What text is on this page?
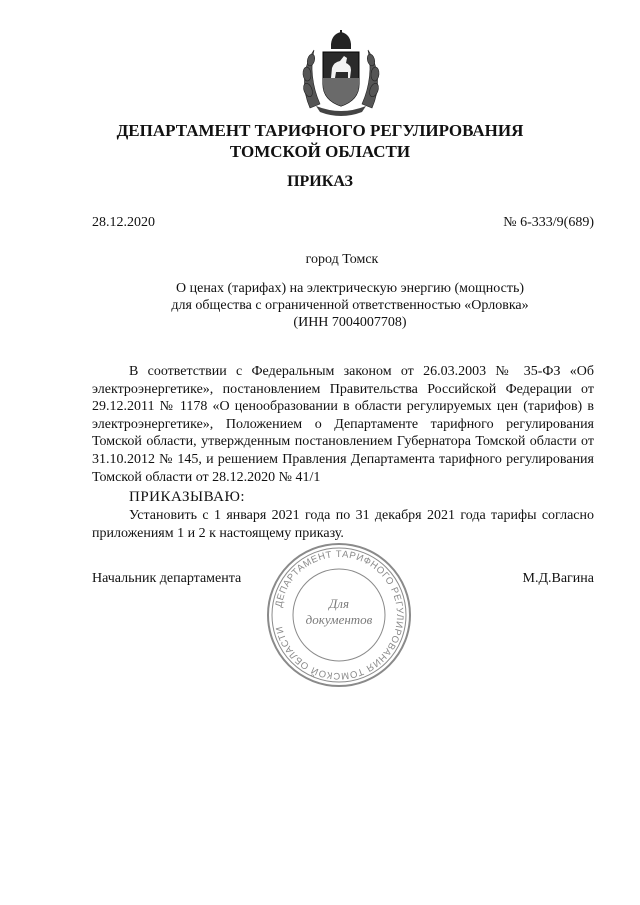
ДЕПАРТАМЕНТ ТАРИФНОГО РЕГУЛИРОВАНИЯ
ТОМСКОЙ ОБЛАСТИ
ПРИКАЗ
28.12.2020	№ 6-333/9(689)
город Томск
О ценах (тарифах) на электрическую энергию (мощность)
для общества с ограниченной ответственностью «Орловка»
(ИНН 7004007708)
В соответствии с Федеральным законом от 26.03.2003 № 35-ФЗ «Об электроэнергетике», постановлением Правительства Российской Федерации от 29.12.2011 № 1178 «О ценообразовании в области регулируемых цен (тарифов) в электроэнергетике», Положением о Департаменте тарифного регулирования Томской области, утвержденным постановлением Губернатора Томской области от 31.10.2012 № 145, и решением Правления Департамента тарифного регулирования Томской области от 28.12.2020 № 41/1
ПРИКАЗЫВАЮ:
Установить с 1 января 2021 года по 31 декабря 2021 года тарифы согласно приложениям 1 и 2 к настоящему приказу.
Начальник департамента	М.Д.Вагина
ДЕПАРТАМЕНТ ТАРИФНОГО РЕГУЛИРОВАНИЯ ТОМСКОЙ ОБЛАСТИ
Для
документов
